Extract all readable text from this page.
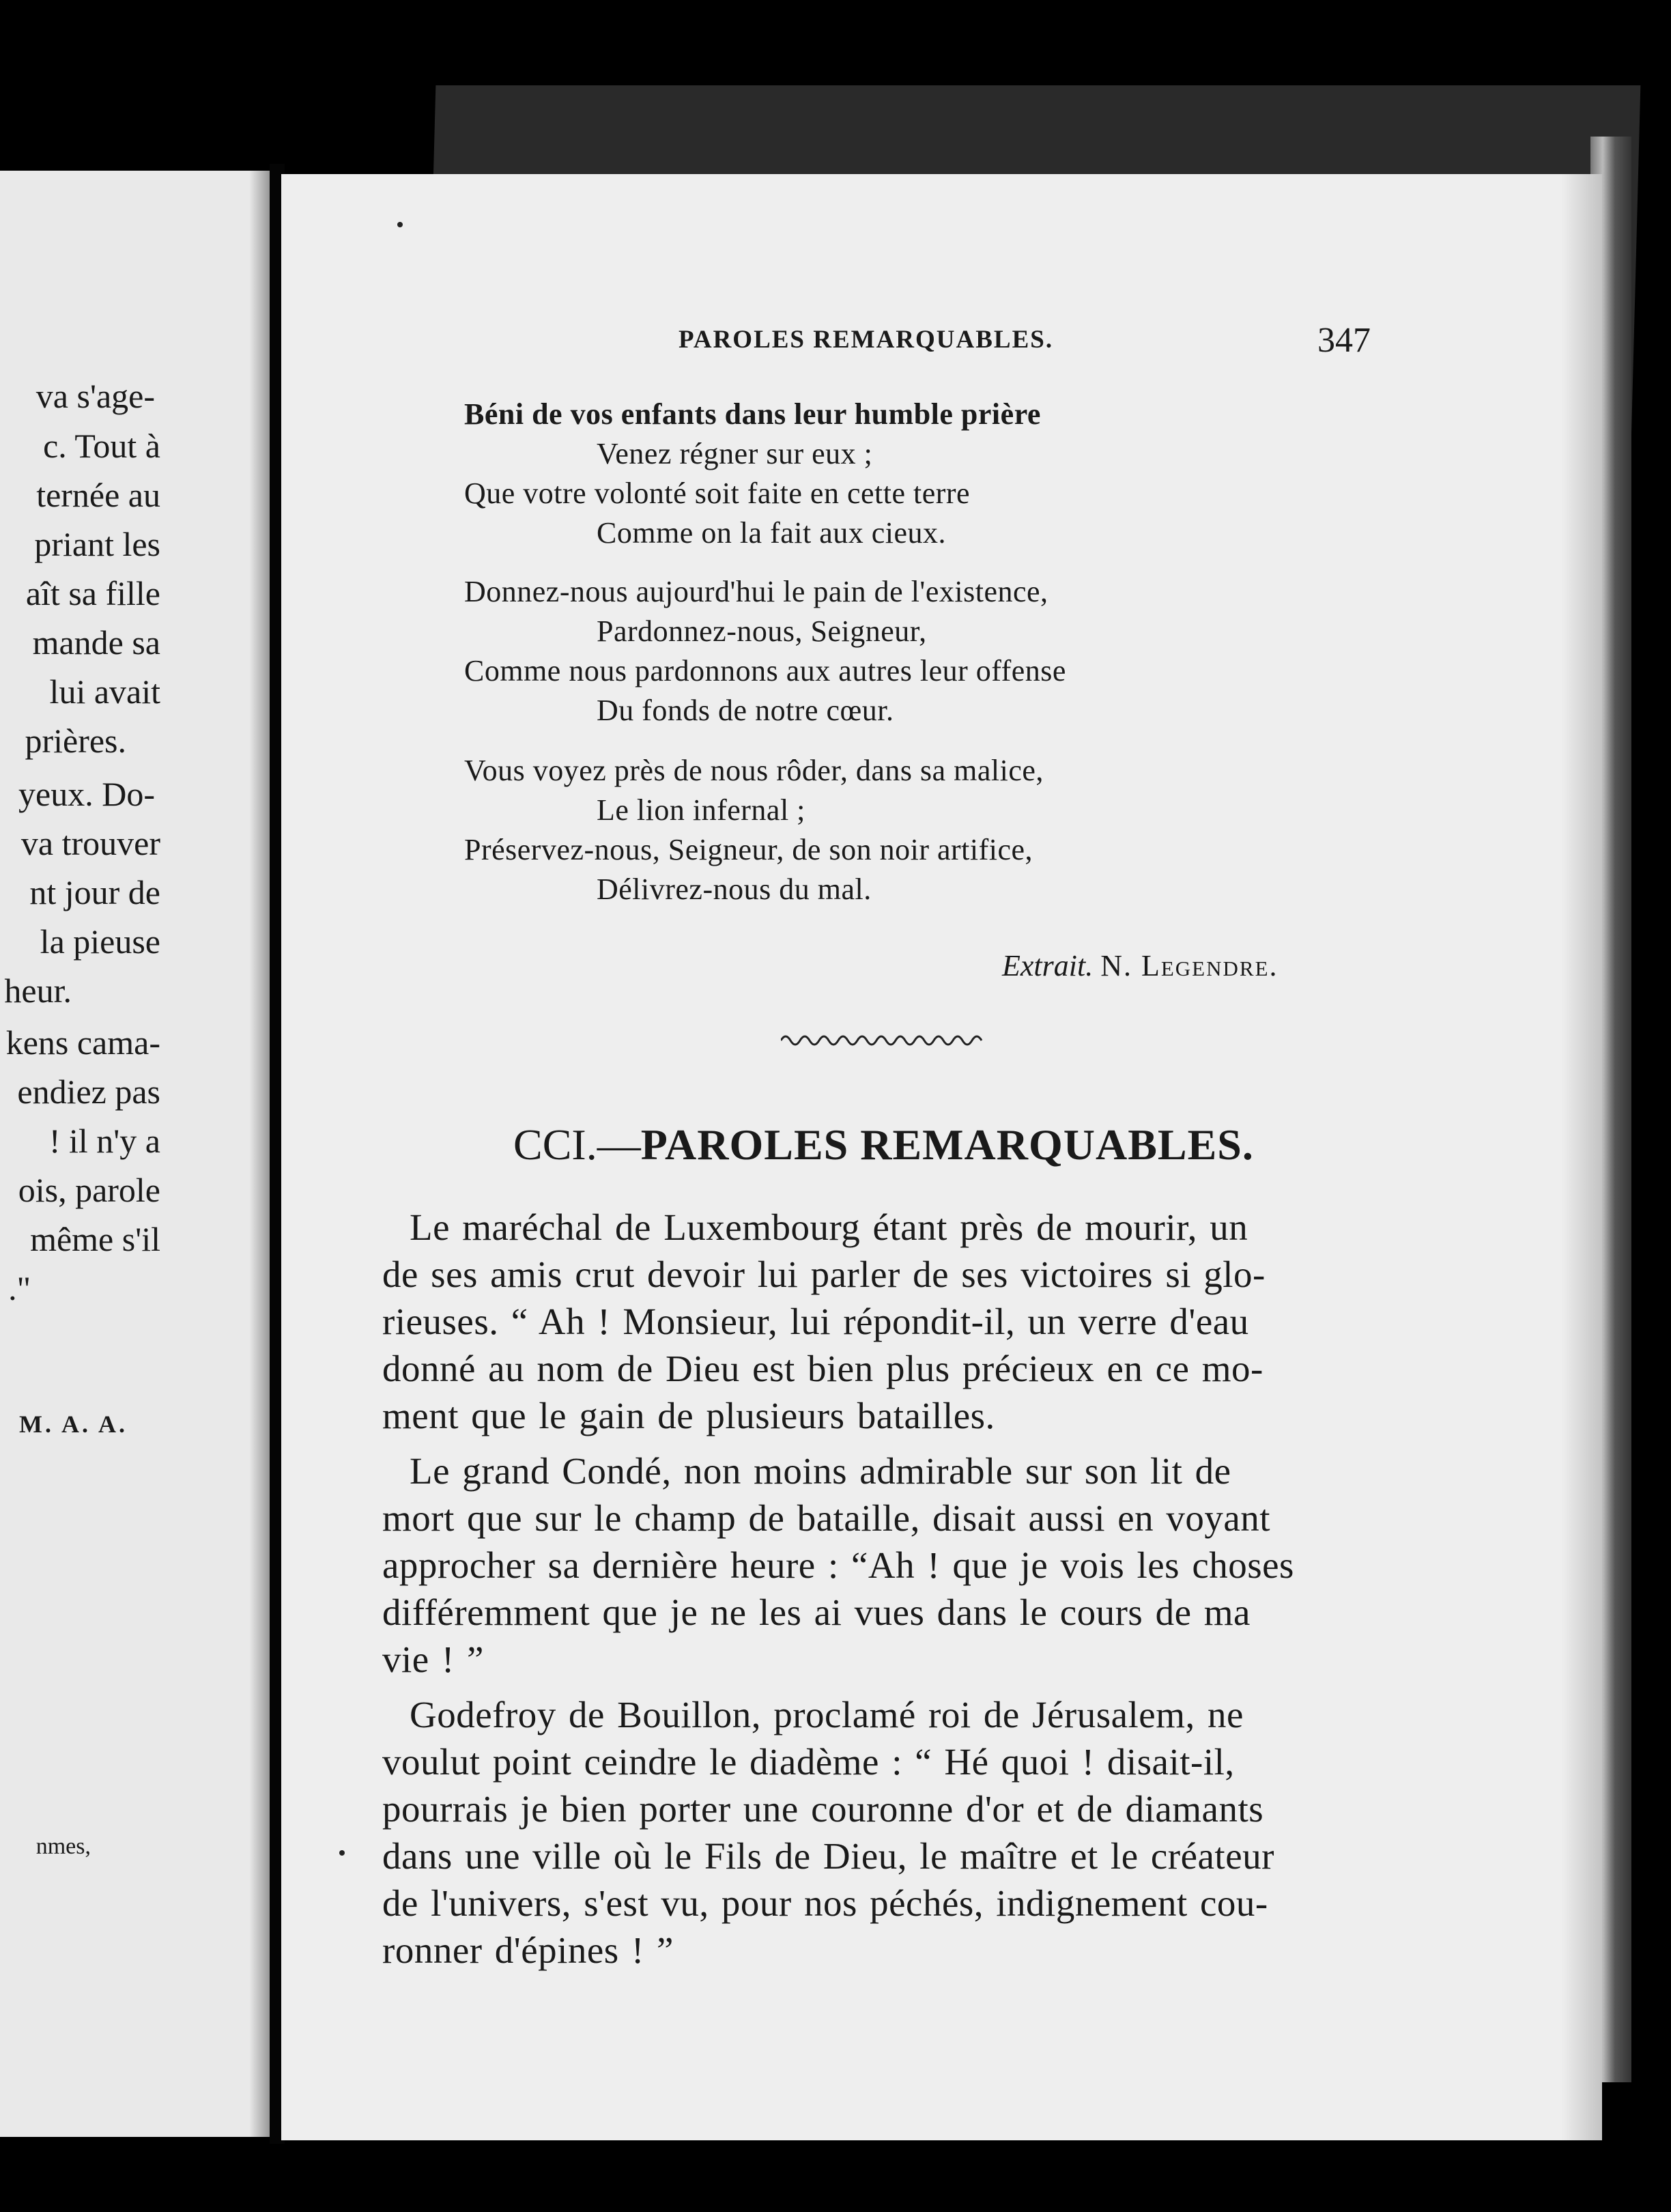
va s'age-
c. Tout à
ternée au
priant les
aît sa fille
mande sa
lui avait
prières.
yeux. Do-
va trouver
nt jour de
la pieuse
heur.
kens cama-
endiez pas
! il n'y a
ois, parole
même s'il
."
M. A. A.
nmes,
PAROLES REMARQUABLES.	347
Béni de vos enfants dans leur humble prière
Venez régner sur eux ;
Que votre volonté soit faite en cette terre
Comme on la fait aux cieux.
Donnez-nous aujourd'hui le pain de l'existence,
Pardonnez-nous, Seigneur,
Comme nous pardonnons aux autres leur offense
Du fonds de notre cœur.
Vous voyez près de nous rôder, dans sa malice,
Le lion infernal ;
Préservez-nous, Seigneur, de son noir artifice,
Délivrez-nous du mal.
Extrait. N. Legendre.
CCI.—PAROLES REMARQUABLES.
Le maréchal de Luxembourg étant près de mourir, un
de ses amis crut devoir lui parler de ses victoires si glo-
rieuses. “ Ah ! Monsieur, lui répondit-il, un verre d'eau
donné au nom de Dieu est bien plus précieux en ce mo-
ment que le gain de plusieurs batailles.
Le grand Condé, non moins admirable sur son lit de
mort que sur le champ de bataille, disait aussi en voyant
approcher sa dernière heure : “Ah ! que je vois les choses
différemment que je ne les ai vues dans le cours de ma
vie ! ”
Godefroy de Bouillon, proclamé roi de Jérusalem, ne
voulut point ceindre le diadème : “ Hé quoi ! disait-il,
pourrais je bien porter une couronne d'or et de diamants
dans une ville où le Fils de Dieu, le maître et le créateur
de l'univers, s'est vu, pour nos péchés, indignement cou-
ronner d'épines ! ”
